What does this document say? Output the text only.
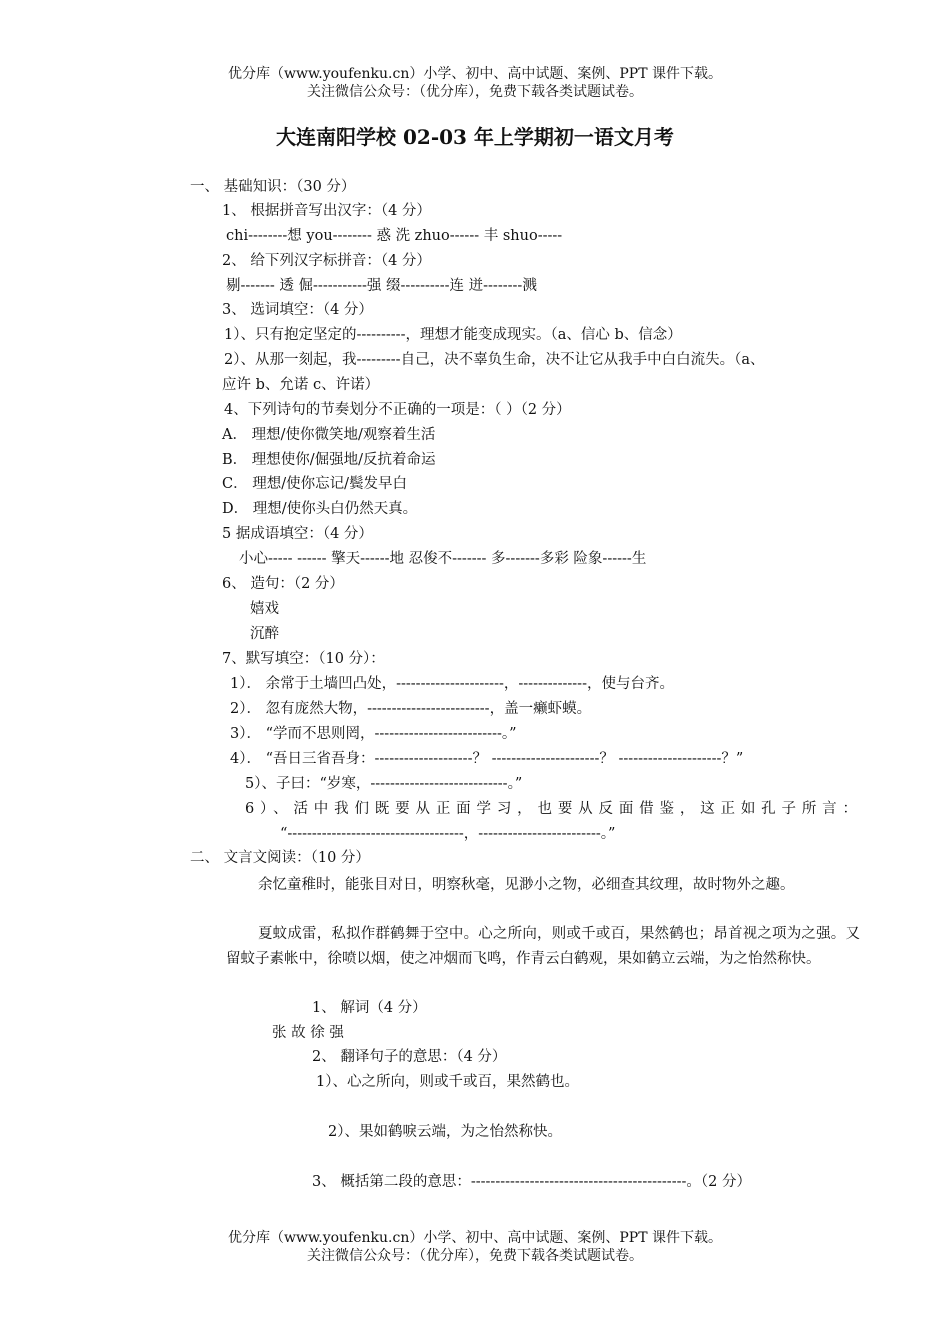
优分库（www.youfenku.cn）小学、初中、高中试题、案例、PPT 课件下载。
关注微信公众号：（优分库），免费下载各类试题试卷。
大连南阳学校 02-03 年上学期初一语文月考
一、 基础知识：（30 分）
1、 根据拼音写出汉字：（4 分）
chi--------想 you-------- 惑 洗 zhuo------ 丰 shuo-----
2、 给下列汉字标拼音：（4 分）
剔------- 透 倔-----------强 缀----------连 迸--------溅
3、 选词填空：（4 分）
1）、只有抱定坚定的----------，理想才能变成现实。（a、信心 b、信念）
2）、从那一刻起，我---------自己，决不辜负生命，决不让它从我手中白白流失。（a、
应许 b、允诺 c、许诺）
4、下列诗句的节奏划分不正确的一项是：（ ）（2 分）
A． 理想/使你微笑地/观察着生活
B． 理想使你/倔强地/反抗着命运
C． 理想/使你忘记/鬓发早白
D． 理想/使你头白仍然天真。
5 据成语填空：（4 分）
小心----- ------ 擎天------地 忍俊不------- 多-------多彩 险象------生
6、 造句：（2 分）
嬉戏
沉醉
7、默写填空：（10 分）：
1）． 余常于土墙凹凸处，----------------------，--------------，使与台齐。
2）． 忽有庞然大物，-------------------------，盖一癞虾蟆。
3）． “学而不思则罔，--------------------------。”
4）． “吾日三省吾身：--------------------？ ----------------------？ ---------------------？”
5）、子曰：“岁寒，----------------------------。”
6）、活中我们既要从正面学习，也要从反面借鉴，这正如孔子所言：
“------------------------------------，-------------------------。”
二、 文言文阅读：（10 分）
余忆童稚时，能张目对日，明察秋毫，见渺小之物，必细查其纹理，故时物外之趣。
夏蚊成雷，私拟作群鹤舞于空中。心之所向，则或千或百，果然鹤也；昂首视之项为之强。又留蚊子素帐中，徐喷以烟，使之冲烟而飞鸣，作青云白鹤观，果如鹤立云端，为之怡然称快。
1、 解词（4 分）
张 故 徐 强
2、 翻译句子的意思：（4 分）
1）、心之所向，则或千或百，果然鹤也。
2）、果如鹤唳云端，为之怡然称快。
3、 概括第二段的意思：--------------------------------------------。（2 分）
优分库（www.youfenku.cn）小学、初中、高中试题、案例、PPT 课件下载。
关注微信公众号：（优分库），免费下载各类试题试卷。
